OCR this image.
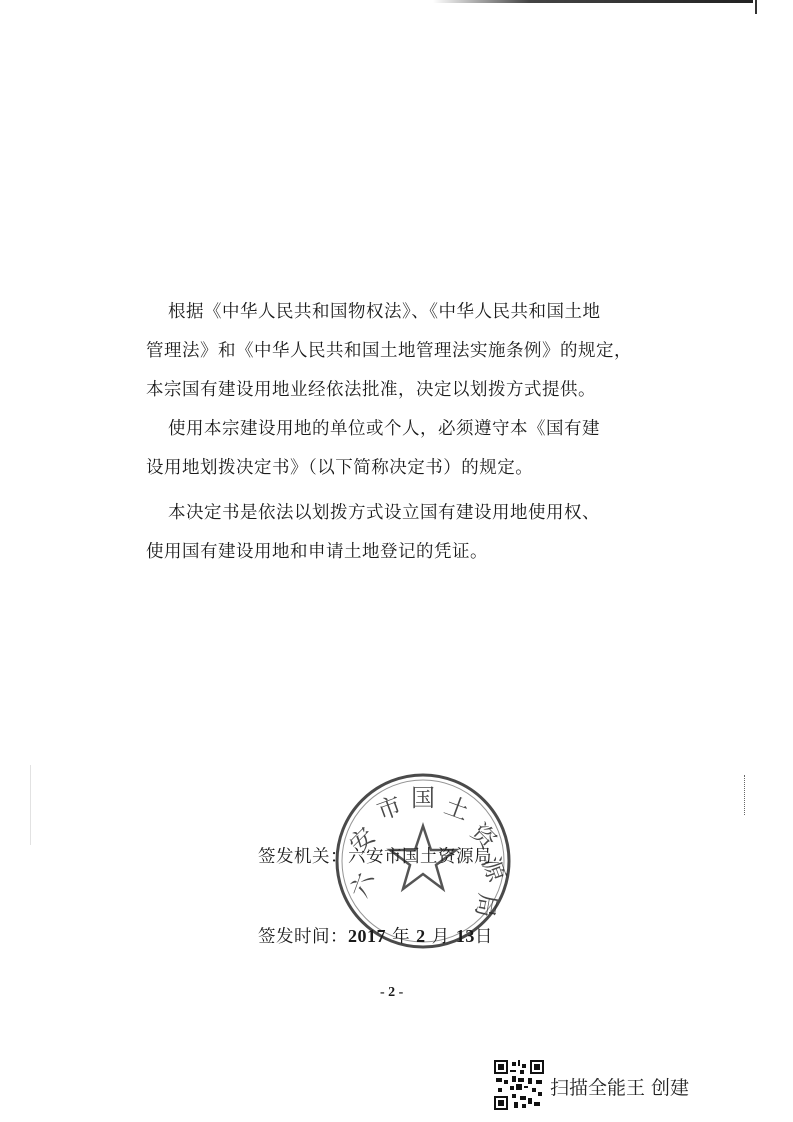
根据《中华人民共和国物权法》、《中华人民共和国土地
管理法》和《中华人民共和国土地管理法实施条例》的规定，
本宗国有建设用地业经依法批准，决定以划拨方式提供。

使用本宗建设用地的单位或个人，必须遵守本《国有建
设用地划拨决定书》（以下简称决定书）的规定。

本决定书是依法以划拨方式设立国有建设用地使用权、
使用国有建设用地和申请土地登记的凭证。

六
安
市 国 土
资
源
局
签发机关：六安市国土资源局
签发时间：2017 年 2 月 13日
- 2 -
扫描全能王 创建
